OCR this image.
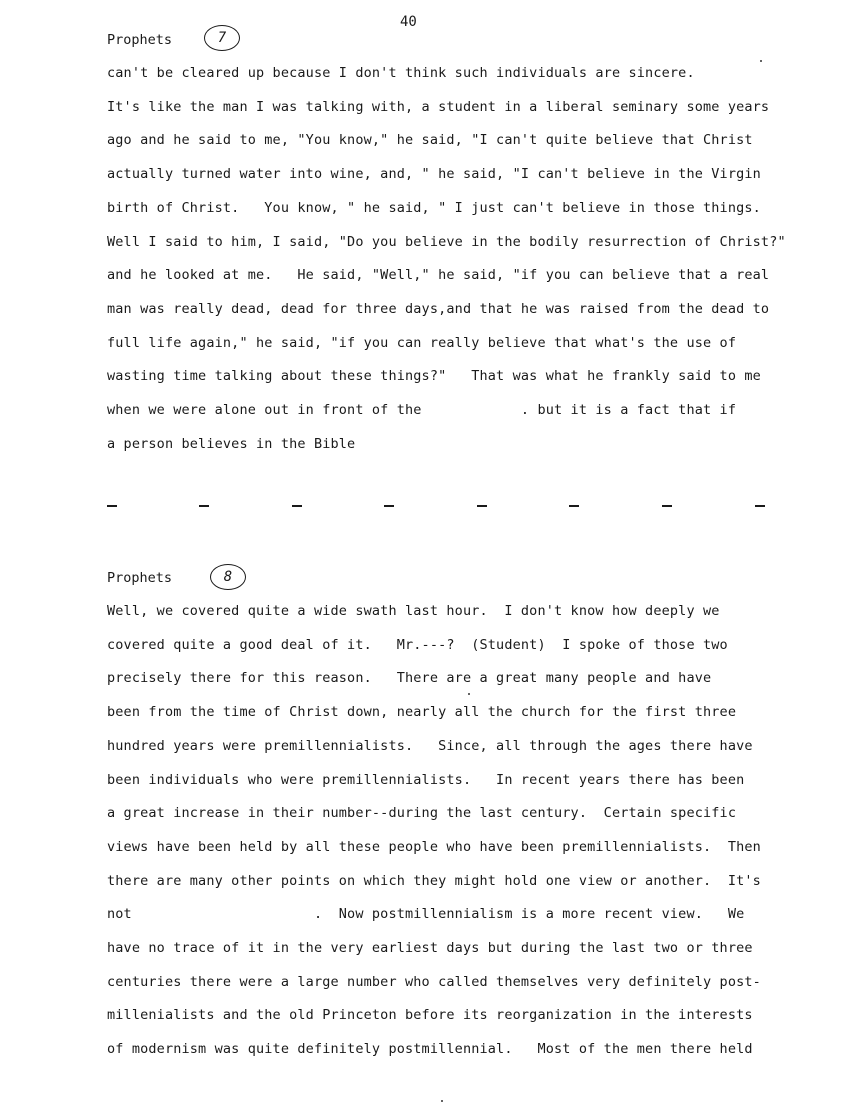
40
Prophets	7
can't be cleared up because I don't think such individuals are sincere.
It's like the man I was talking with, a student in a liberal seminary some years
ago and he said to me, "You know," he said, "I can't quite believe that Christ
actually turned water into wine, and, " he said, "I can't believe in the Virgin
birth of Christ.   You know, " he said, " I just can't believe in those things.
Well I said to him, I said, "Do you believe in the bodily resurrection of Christ?"
and he looked at me.   He said, "Well," he said, "if you can believe that a real
man was really dead, dead for three days,and that he was raised from the dead to
full life again," he said, "if you can really believe that what's the use of
wasting time talking about these things?"   That was what he frankly said to me
when we were alone out in front of the            . but it is a fact that if
a person believes in the Bible
Prophets	8
Well, we covered quite a wide swath last hour.  I don't know how deeply we
covered quite a good deal of it.   Mr.---?  (Student)  I spoke of those two
precisely there for this reason.   There are a great many people and have
been from the time of Christ down, nearly all the church for the first three
hundred years were premillennialists.   Since, all through the ages there have
been individuals who were premillennialists.   In recent years there has been
a great increase in their number--during the last century.  Certain specific
views have been held by all these people who have been premillennialists.  Then
there are many other points on which they might hold one view or another.  It's
not                      .  Now postmillennialism is a more recent view.   We
have no trace of it in the very earliest days but during the last two or three
centuries there were a large number who called themselves very definitely post-
millenialists and the old Princeton before its reorganization in the interests
of modernism was quite definitely postmillennial.   Most of the men there held
